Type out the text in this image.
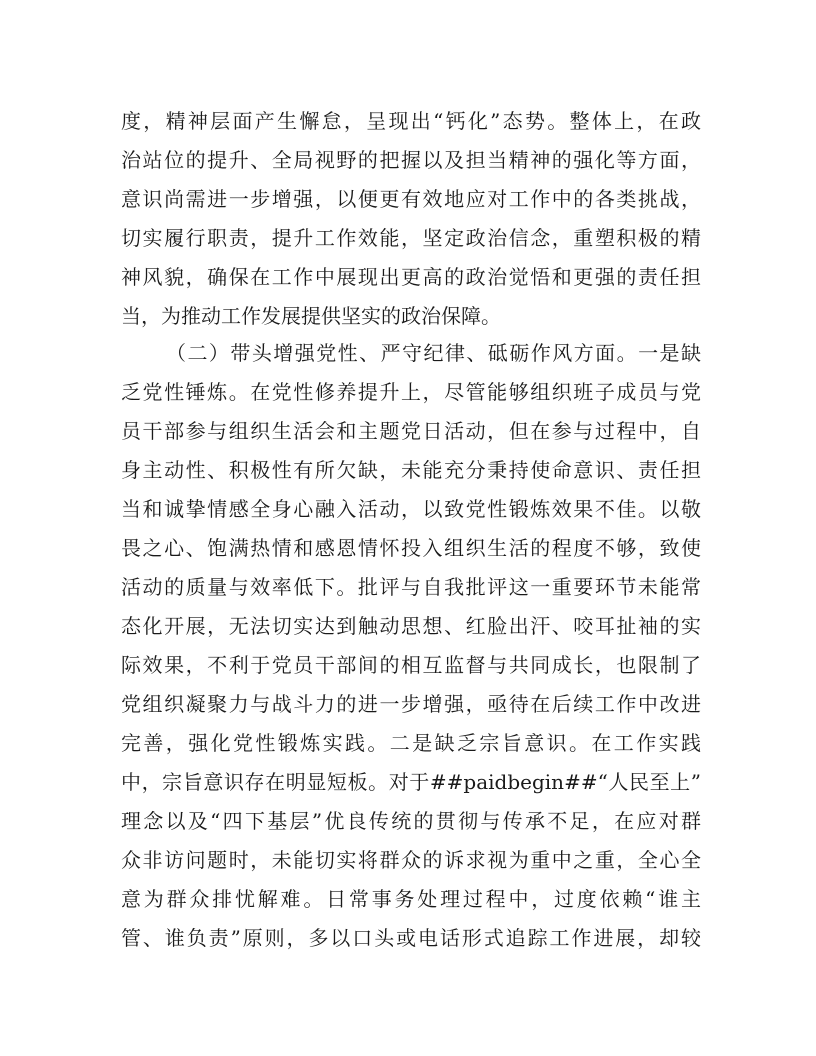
度，精神层面产生懈怠，呈现出“钙化”态势。整体上，在政
治站位的提升、全局视野的把握以及担当精神的强化等方面，
意识尚需进一步增强，以便更有效地应对工作中的各类挑战，
切实履行职责，提升工作效能，坚定政治信念，重塑积极的精
神风貌，确保在工作中展现出更高的政治觉悟和更强的责任担
当，为推动工作发展提供坚实的政治保障。
（二）带头增强党性、严守纪律、砥砺作风方面。一是缺
乏党性锤炼。在党性修养提升上，尽管能够组织班子成员与党
员干部参与组织生活会和主题党日活动，但在参与过程中，自
身主动性、积极性有所欠缺，未能充分秉持使命意识、责任担
当和诚挚情感全身心融入活动，以致党性锻炼效果不佳。以敬
畏之心、饱满热情和感恩情怀投入组织生活的程度不够，致使
活动的质量与效率低下。批评与自我批评这一重要环节未能常
态化开展，无法切实达到触动思想、红脸出汗、咬耳扯袖的实
际效果，不利于党员干部间的相互监督与共同成长，也限制了
党组织凝聚力与战斗力的进一步增强，亟待在后续工作中改进
完善，强化党性锻炼实践。二是缺乏宗旨意识。在工作实践
中，宗旨意识存在明显短板。对于##paidbegin##“人民至上”
理念以及“四下基层”优良传统的贯彻与传承不足，在应对群
众非访问题时，未能切实将群众的诉求视为重中之重，全心全
意为群众排忧解难。日常事务处理过程中，过度依赖“谁主
管、谁负责”原则，多以口头或电话形式追踪工作进展，却较
